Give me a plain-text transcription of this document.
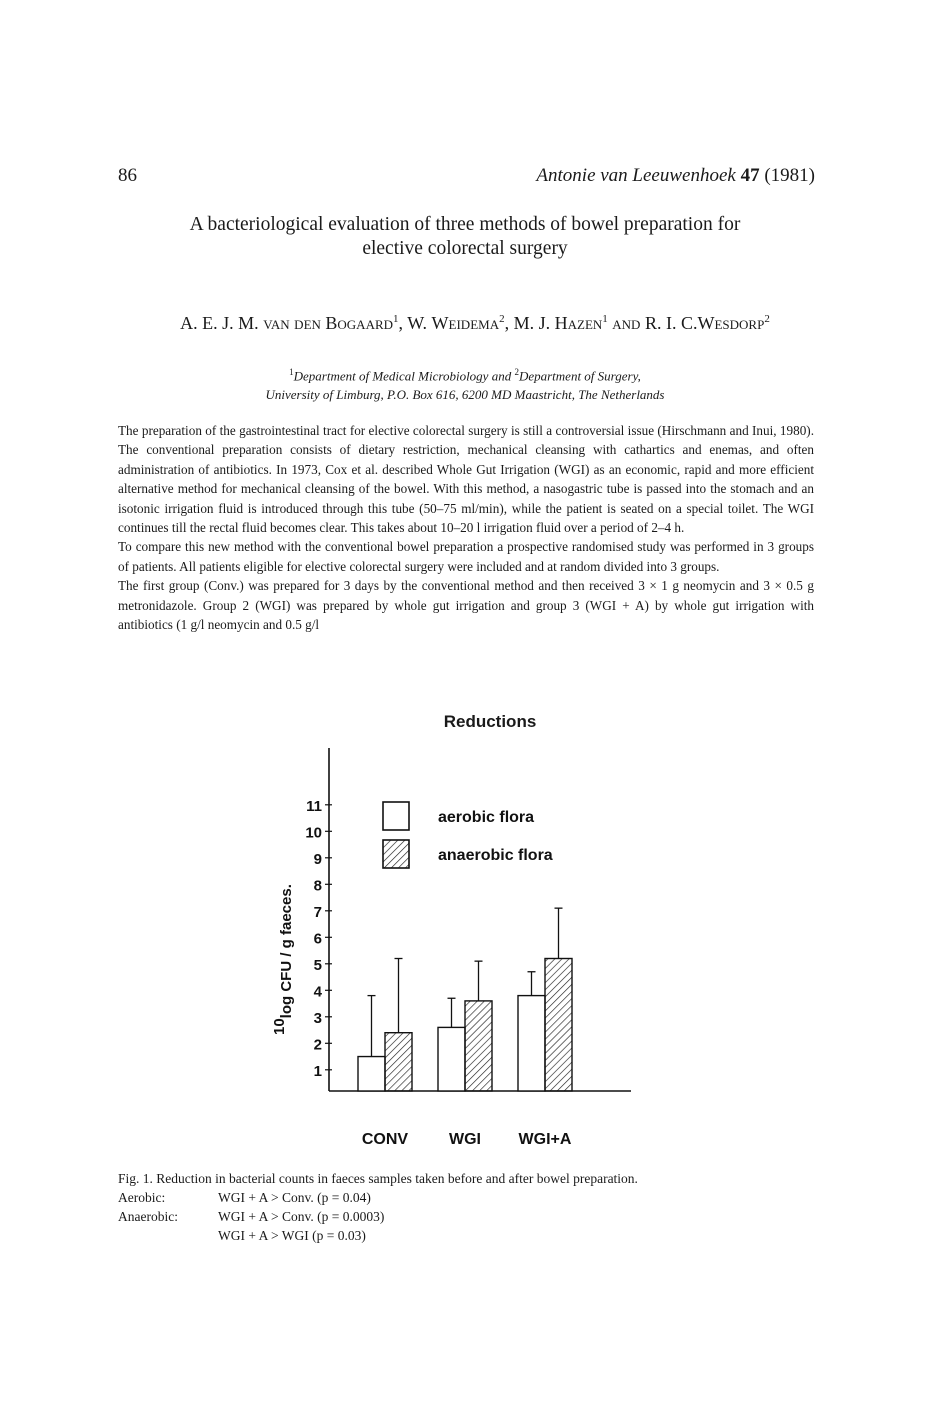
86	Antonie van Leeuwenhoek 47 (1981)
A bacteriological evaluation of three methods of bowel preparation for
elective colorectal surgery
A. E. J. M. van den Bogaard$^1$, W. Weidema$^2$, M. J. Hazen$^1$ and R. I. C.Wesdorp$^2$
$^1$Department of Medical Microbiology and $^2$Department of Surgery,
University of Limburg, P.O. Box 616, 6200 MD Maastricht, The Netherlands

The preparation of the gastrointestinal tract for elective colorectal surgery is still a controversial issue (Hirschmann and Inui, 1980). The conventional preparation consists of dietary restriction, mechanical cleansing with cathartics and enemas, and often administration of antibiotics. In 1973, Cox et al. described Whole Gut Irrigation (WGI) as an economic, rapid and more efficient alternative method for mechanical cleansing of the bowel. With this method, a nasogastric tube is passed into the stomach and an isotonic irrigation fluid is introduced through this tube (50–75 ml/min), while the patient is seated on a special toilet. The WGI continues till the rectal fluid becomes clear. This takes about 10–20 l irrigation fluid over a period of 2–4 h.

To compare this new method with the conventional bowel preparation a prospective randomised study was performed in 3 groups of patients. All patients eligible for elective colorectal surgery were included and at random divided into 3 groups.

The first group (Conv.) was prepared for 3 days by the conventional method and then received 3 × 1 g neomycin and 3 × 0.5 g metronidazole. Group 2 (WGI) was prepared by whole gut irrigation and group 3 (WGI + A) by whole gut irrigation with antibiotics (1 g/l neomycin and 0.5 g/l

Reductions
1
2
3
4
5
6
7
8
9
10
11
10log CFU / g faeces.
CONV	WGI WGI+A
aerobic flora
anaerobic flora
Fig. 1. Reduction in bacterial counts in faeces samples taken before and after bowel preparation.
Aerobic:	WGI + A > Conv. (p = 0.04)
Anaerobic:	WGI + A > Conv. (p = 0.0003)
WGI + A > WGI (p = 0.03)
